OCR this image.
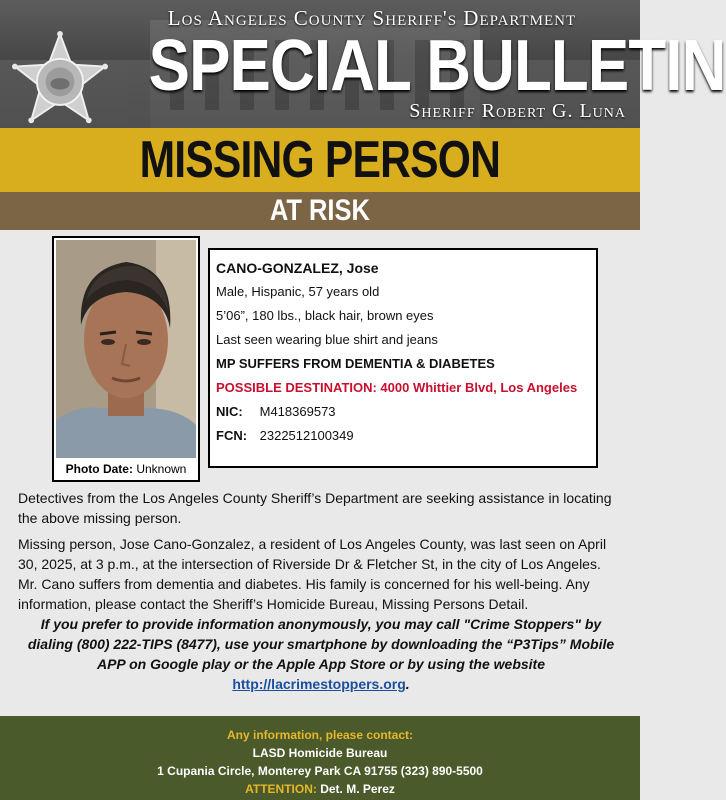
Los Angeles County Sheriff's Department
SPECIAL BULLETIN
Sheriff Robert G. Luna
MISSING PERSON
AT RISK
Photo Date: Unknown
CANO-GONZALEZ, Jose
Male, Hispanic, 57 years old
5’06”, 180 lbs., black hair, brown eyes
Last seen wearing blue shirt and jeans
MP SUFFERS FROM DEMENTIA & DIABETES
POSSIBLE DESTINATION: 4000 Whittier Blvd, Los Angeles
NIC: M418369573
FCN: 2322512100349

Detectives from the Los Angeles County Sheriff’s Department are seeking assistance in locating the above missing person.

Missing person, Jose Cano-Gonzalez, a resident of Los Angeles County, was last seen on April 30, 2025, at 3 p.m., at the intersection of Riverside Dr & Fletcher St, in the city of Los Angeles. Mr. Cano suffers from dementia and diabetes. His family is concerned for his well-being. Any information, please contact the Sheriff’s Homicide Bureau, Missing Persons Detail.

If you prefer to provide information anonymously, you may call "Crime Stoppers" by dialing (800) 222-TIPS (8477), use your smartphone by downloading the “P3Tips” Mobile APP on Google play or the Apple App Store or by using the website
http://lacrimestoppers.org.

Any information, please contact:
LASD Homicide Bureau
1 Cupania Circle, Monterey Park CA 91755 (323) 890-5500
ATTENTION: Det. M. Perez
